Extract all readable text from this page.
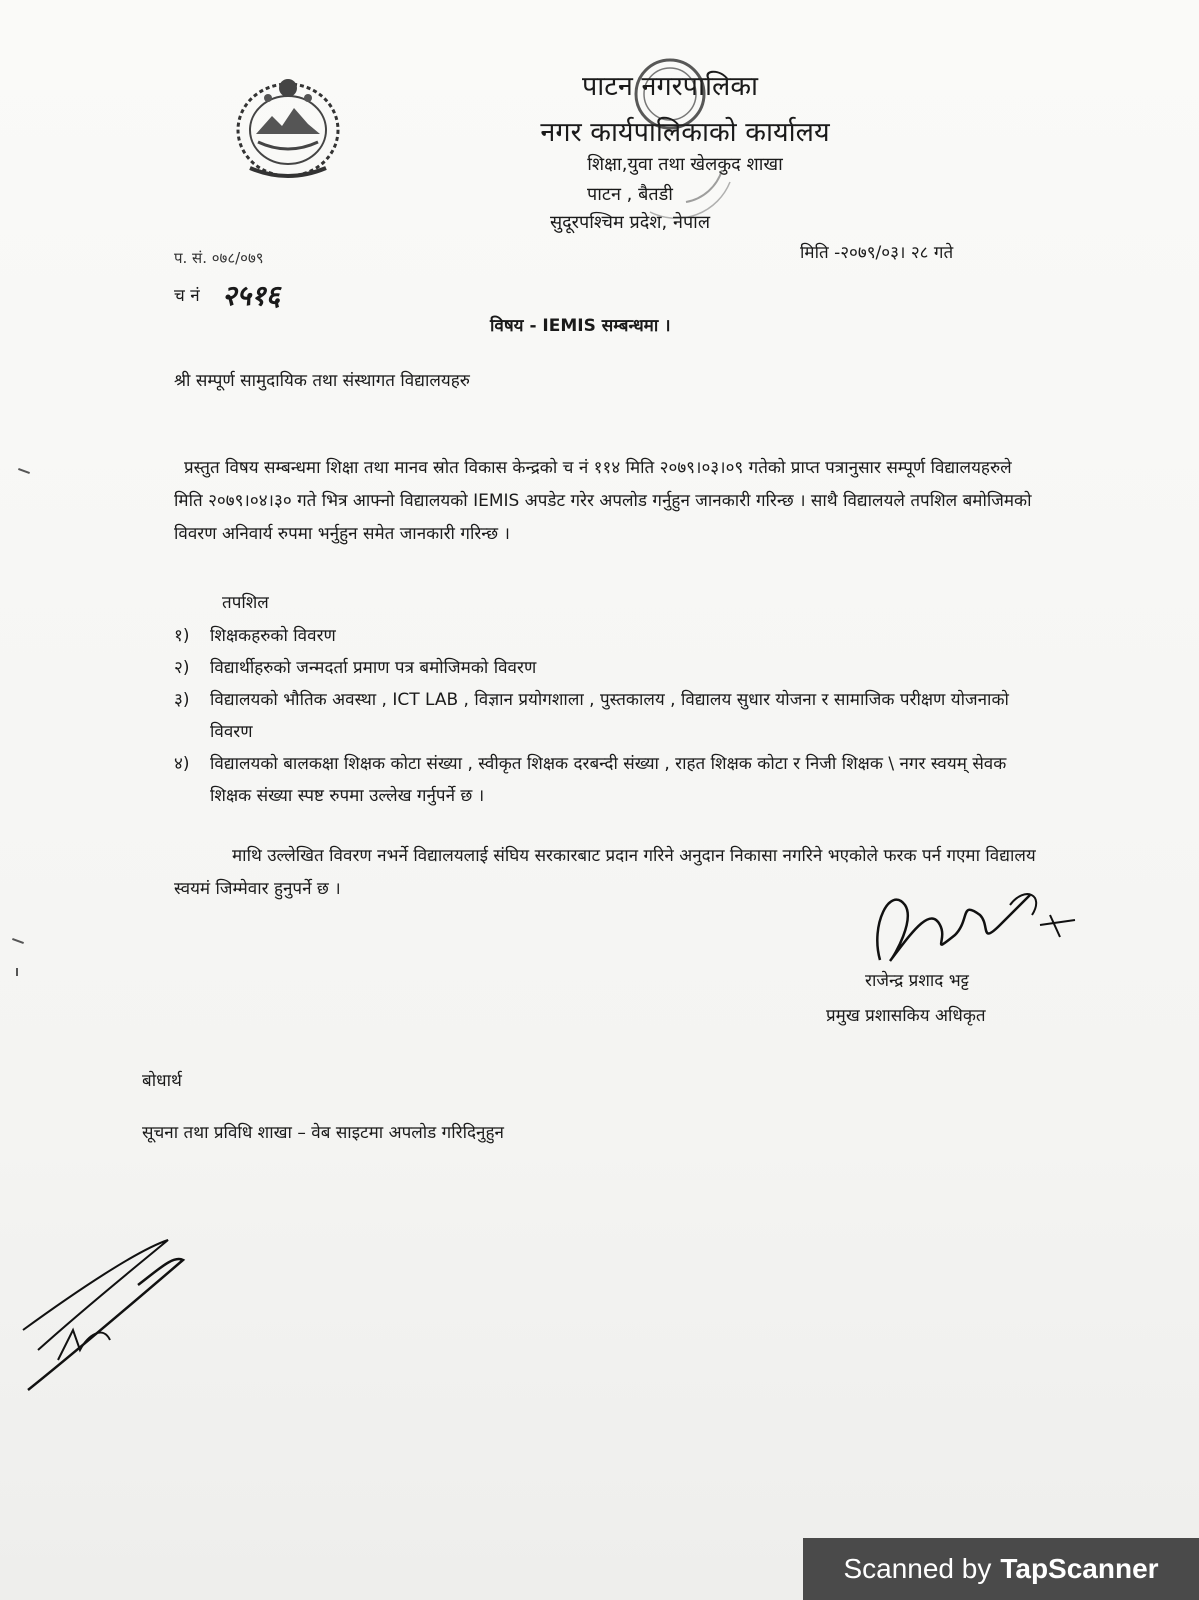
पाटन नगरपालिका
नगर कार्यपालिकाको कार्यालय
शिक्षा,युवा तथा खेलकुद शाखा
पाटन , बैतडी
सुदूरपश्चिम प्रदेश, नेपाल
प. सं. ०७८/०७९
च नं २५१६
मिति -२०७९/०३। २८ गते
विषय - IEMIS सम्बन्धमा ।
श्री सम्पूर्ण सामुदायिक तथा संस्थागत विद्यालयहरु
प्रस्तुत विषय सम्बन्धमा शिक्षा तथा मानव स्रोत विकास केन्द्रको च नं ११४ मिति २०७९।०३।०९ गतेको प्राप्त पत्रानुसार सम्पूर्ण विद्यालयहरुले मिति २०७९।०४।३० गते भित्र आफ्नो विद्यालयको IEMIS अपडेट गरेर अपलोड गर्नुहुन जानकारी गरिन्छ । साथै विद्यालयले तपशिल बमोजिमको विवरण अनिवार्य रुपमा भर्नुहुन समेत जानकारी गरिन्छ ।
तपशिल
१)	शिक्षकहरुको विवरण
२)	विद्यार्थीहरुको जन्मदर्ता प्रमाण पत्र बमोजिमको विवरण
३)	विद्यालयको भौतिक अवस्था , ICT LAB , विज्ञान प्रयोगशाला , पुस्तकालय , विद्यालय सुधार योजना र सामाजिक परीक्षण योजनाको विवरण
४)	विद्यालयको बालकक्षा शिक्षक कोटा संख्या , स्वीकृत शिक्षक दरबन्दी संख्या , राहत शिक्षक कोटा र निजी शिक्षक \ नगर स्वयम् सेवक शिक्षक संख्या स्पष्ट रुपमा उल्लेख गर्नुपर्ने छ ।
माथि उल्लेखित विवरण नभर्ने विद्यालयलाई संघिय सरकारबाट प्रदान गरिने अनुदान निकासा नगरिने भएकोले फरक पर्न गएमा विद्यालय स्वयमं जिम्मेवार हुनुपर्ने छ ।
राजेन्द्र प्रशाद भट्ट
प्रमुख प्रशासकिय अधिकृत
बोधार्थ
सूचना तथा प्रविधि शाखा – वेब साइटमा अपलोड गरिदिनुहुन
Scanned by TapScanner
